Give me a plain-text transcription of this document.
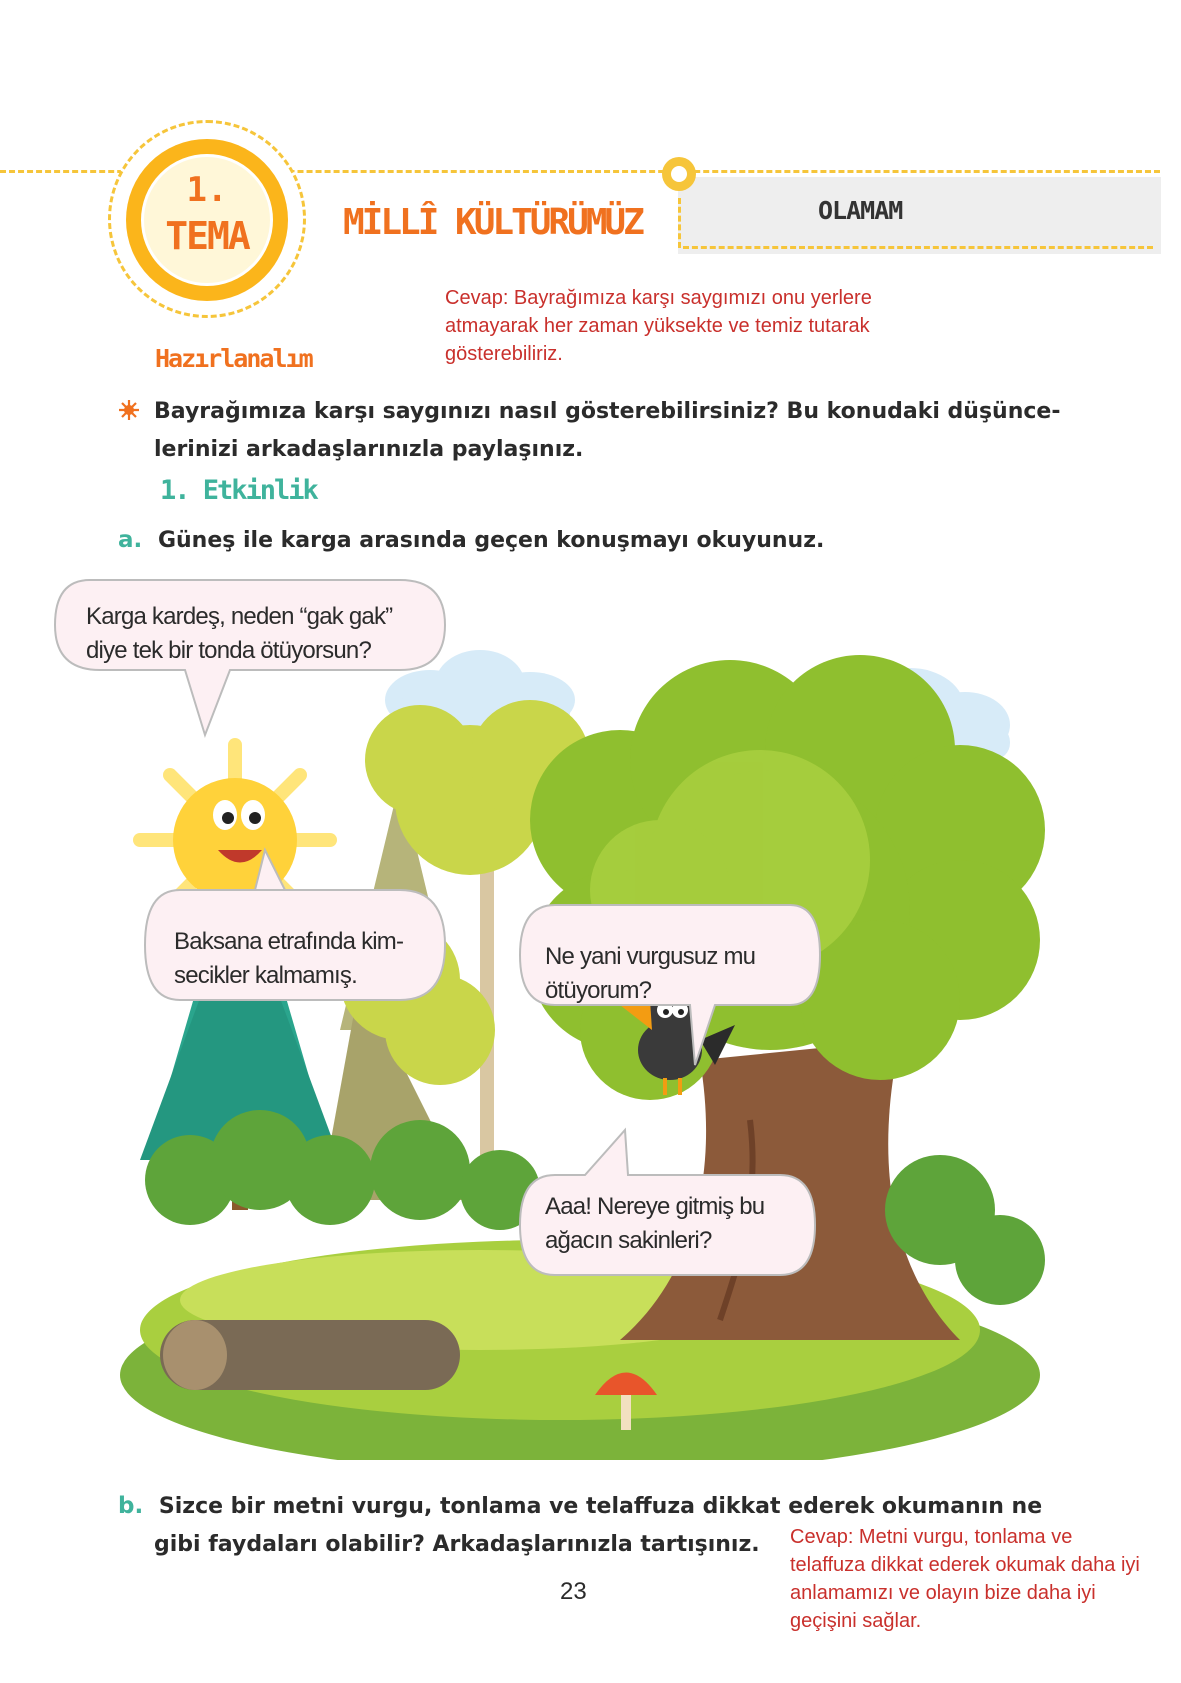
1.
TEMA	MİLLÎ KÜLTÜRÜMÜZ	OLAMAM
Cevap: Bayrağımıza karşı saygımızı onu yerlere
atmayarak her zaman yüksekte ve temiz tutarak
gösterebiliriz.
Hazırlanalım
Bayrağımıza karşı saygınızı nasıl gösterebilirsiniz? Bu konudaki düşünce-
lerinizi arkadaşlarınızla paylaşınız.
1. Etkinlik
a. Güneş ile karga arasında geçen konuşmayı okuyunuz.
Karga kardeş, neden “gak gak”
diye tek bir tonda ötüyorsun?
Baksana etrafında kim-
secikler kalmamış.
Ne yani vurgusuz mu
ötüyorum?
Aaa! Nereye gitmiş bu
ağacın sakinleri?
b. Sizce bir metni vurgu, tonlama ve telaffuza dikkat ederek okumanın ne
gibi faydaları olabilir? Arkadaşlarınızla tartışınız.	Cevap: Metni vurgu, tonlama ve
telaffuza dikkat ederek okumak daha iyi
anlamamızı ve olayın bize daha iyi
geçişini sağlar.
23
